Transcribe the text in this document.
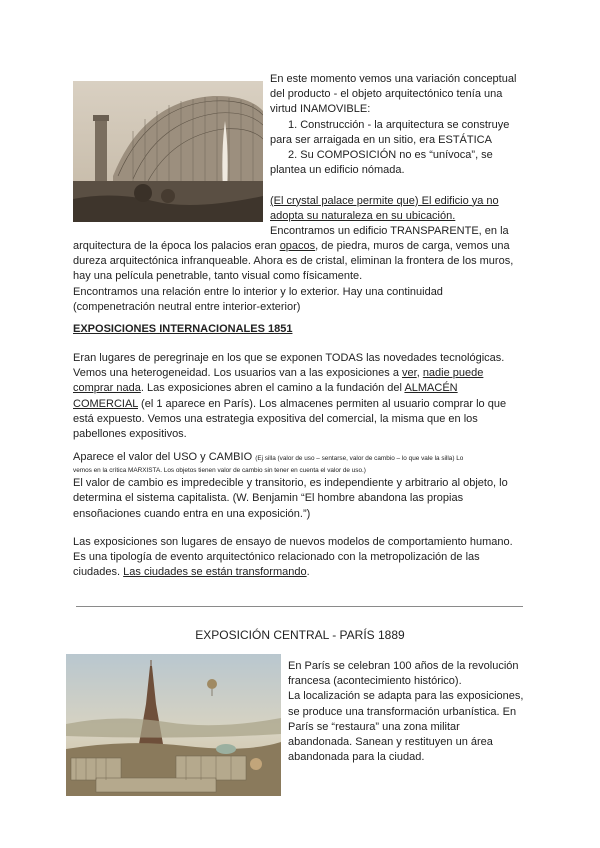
En este momento vemos una variación conceptual

del producto - el objeto arquitectónico tenía una

virtud INAMOVIBLE:

1. Construcción - la arquitectura se construye

para ser arraigada en un sitio, era ESTÁTICA

2. Su COMPOSICIÓN no es “unívoca”, se

plantea un edificio nómada.

(El crystal palace permite que) El edificio ya no

adopta su naturaleza en su ubicación.

Encontramos un edificio TRANSPARENTE, en la

arquitectura de la época los palacios eran opacos, de piedra, muros de carga, vemos una

dureza arquitectónica infranqueable. Ahora es de cristal, eliminan la frontera de los muros,

hay una película penetrable, tanto visual como físicamente.

Encontramos una relación entre lo interior y lo exterior. Hay una continuidad

(compenetración neutral entre interior-exterior)

EXPOSICIONES INTERNACIONALES 1851

Eran lugares de peregrinaje en los que se exponen TODAS las novedades tecnológicas.

Vemos una heterogeneidad. Los usuarios van a las exposiciones a ver, nadie puede

comprar nada. Las exposiciones abren el camino a la fundación del ALMACÉN

COMERCIAL (el 1 aparece en París). Los almacenes permiten al usuario comprar lo que

está expuesto. Vemos una estrategia expositiva del comercial, la misma que en los

pabellones expositivos.

Aparece el valor del USO y CAMBIO (Ej silla (valor de uso – sentarse, valor de cambio – lo que vale la silla) Lo

vemos en la crítica MARXISTA. Los objetos tienen valor de cambio sin tener en cuenta el valor de uso.)

El valor de cambio es impredecible y transitorio, es independiente y arbitrario al objeto, lo

determina el sistema capitalista. (W. Benjamin “El hombre abandona las propias

ensoñaciones cuando entra en una exposición.”)

Las exposiciones son lugares de ensayo de nuevos modelos de comportamiento humano.

Es una tipología de evento arquitectónico relacionado con la metropolización de las

ciudades. Las ciudades se están transformando.

EXPOSICIÓN CENTRAL - PARÍS 1889

En París se celebran 100 años de la revolución

francesa (acontecimiento histórico).

La localización se adapta para las exposiciones,

se produce una transformación urbanística. En

París se “restaura” una zona militar

abandonada. Sanean y restituyen un área

abandonada para la ciudad.
